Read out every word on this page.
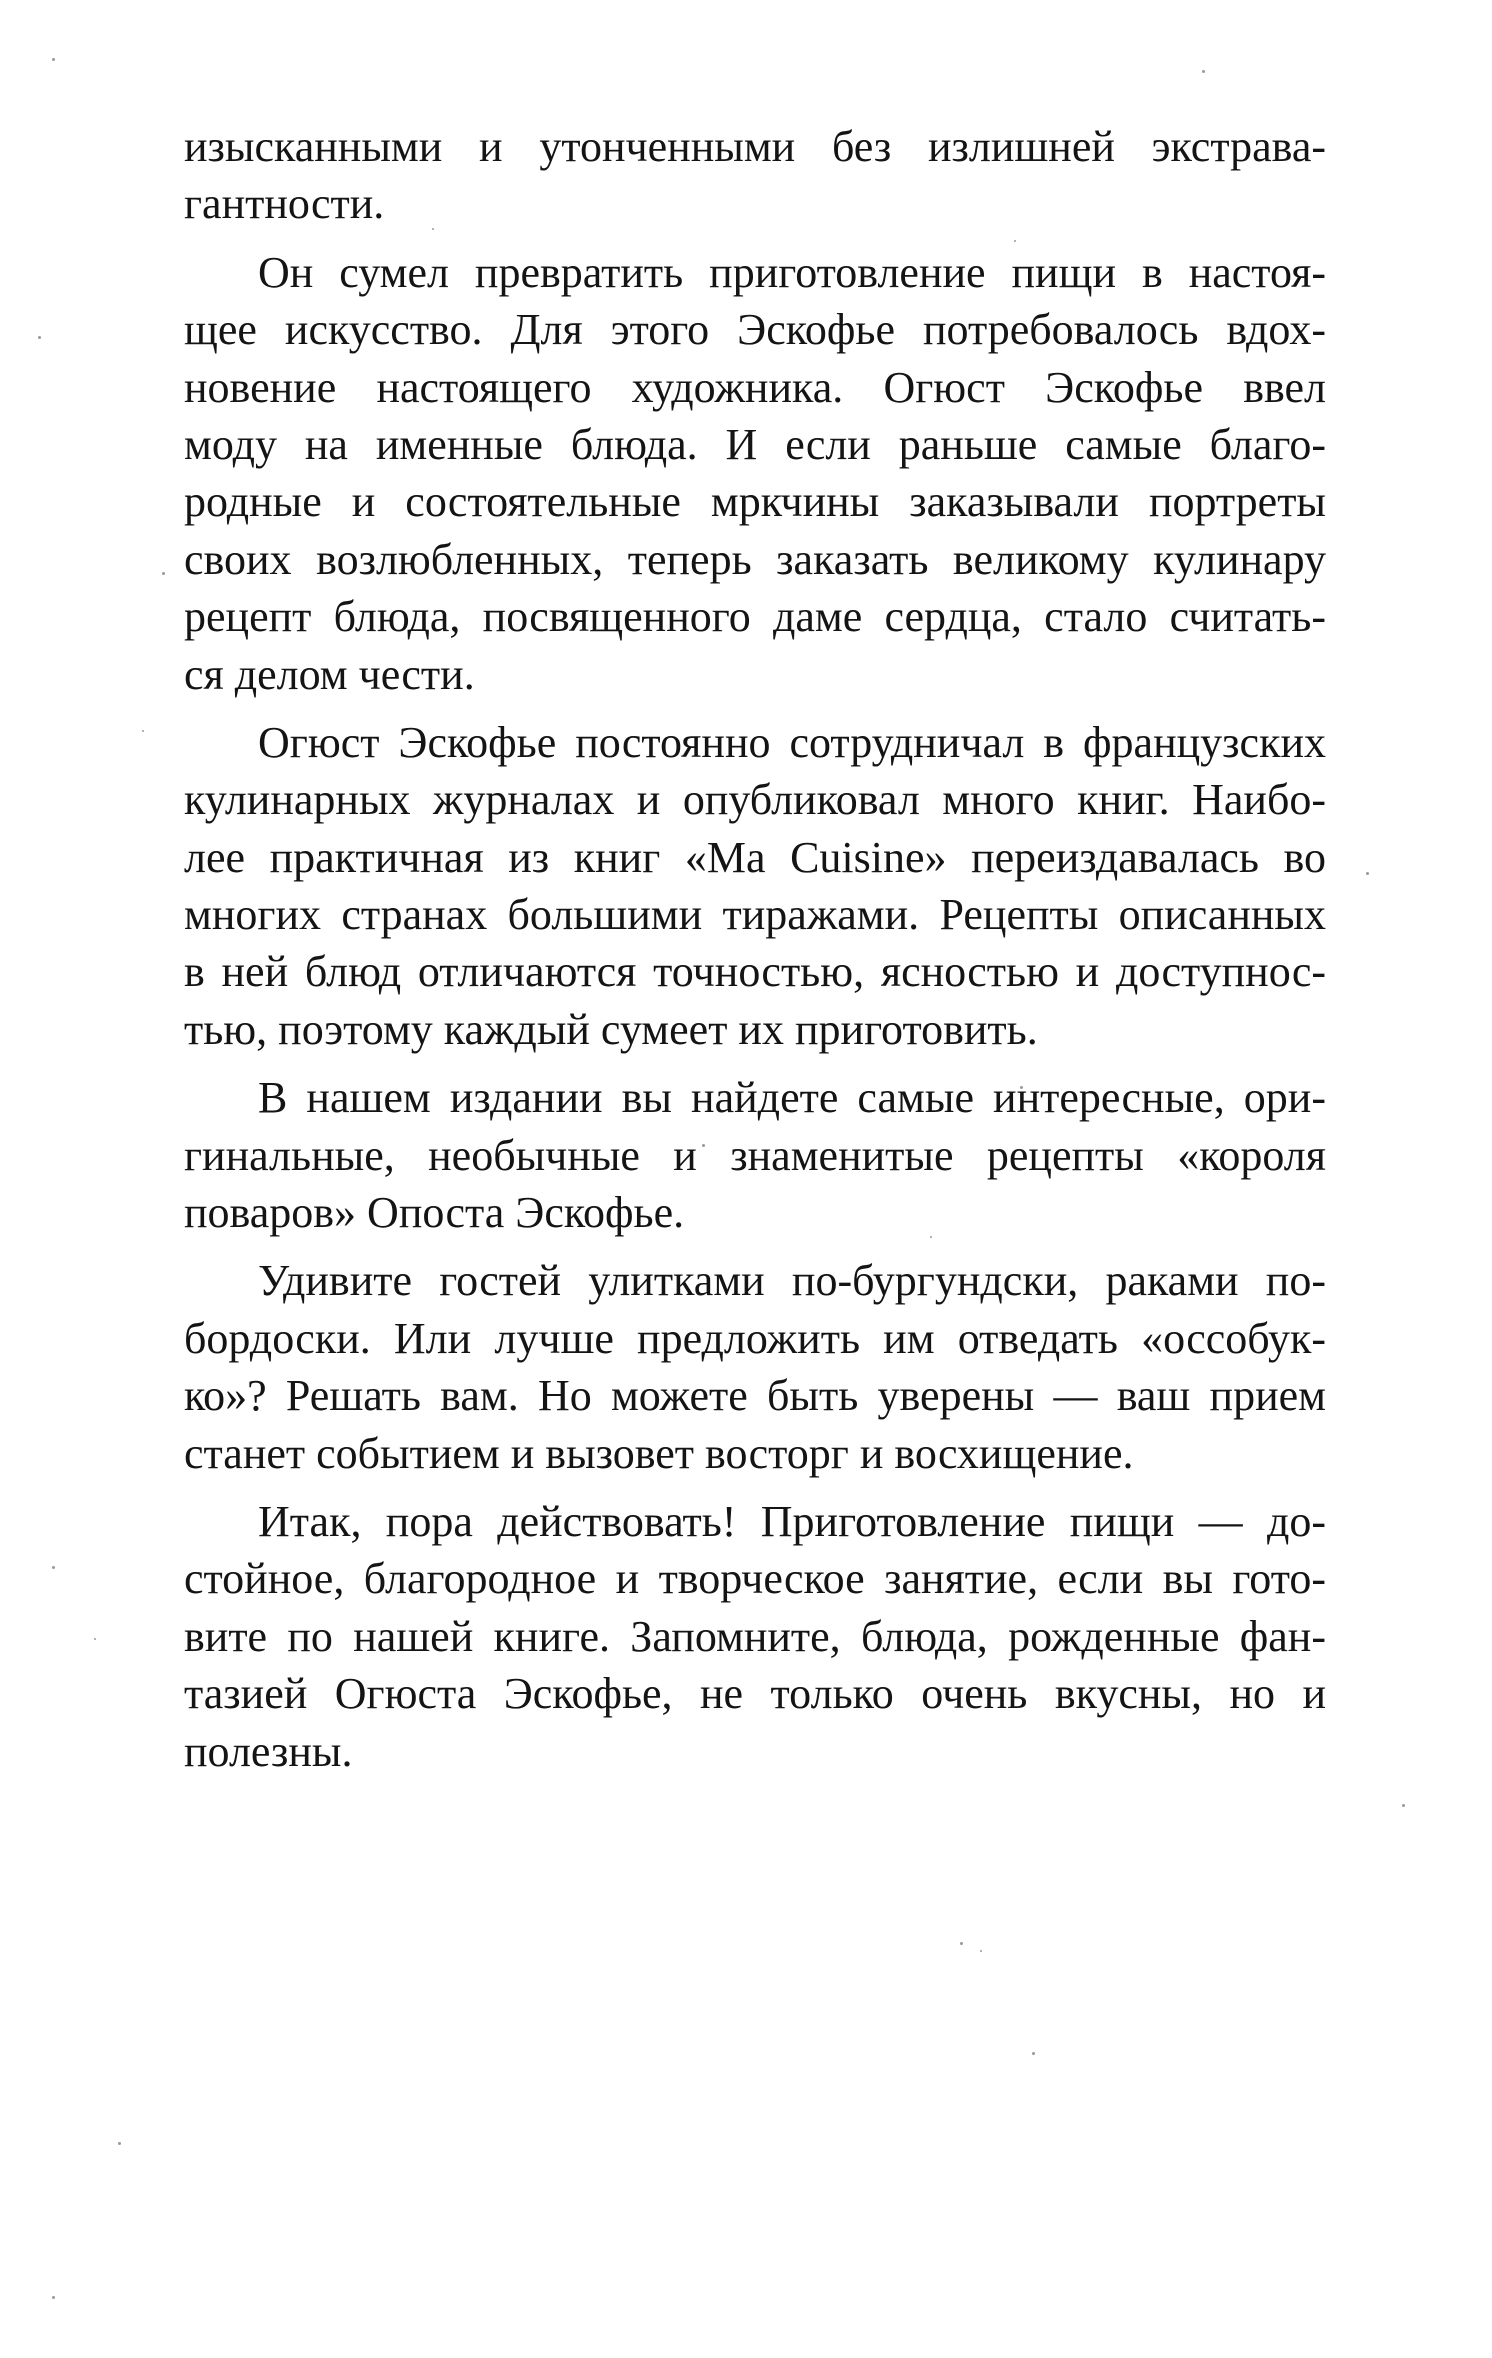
изысканными и утонченными без излишней экстрава-
гантности.
Он сумел превратить приготовление пищи в настоя-
щее искусство. Для этого Эскофье потребовалось вдох-
новение настоящего художника. Огюст Эскофье ввел
моду на именные блюда. И если раньше самые благо-
родные и состоятельные мркчины заказывали портреты
своих возлюбленных, теперь заказать великому кулинару
рецепт блюда, посвященного даме сердца, стало считать-
ся делом чести.
Огюст Эскофье постоянно сотрудничал в французских
кулинарных журналах и опубликовал много книг. Наибо-
лее практичная из книг «Ma Cuisine» переиздавалась во
многих странах большими тиражами. Рецепты описанных
в ней блюд отличаются точностью, ясностью и доступнос-
тью, поэтому каждый сумеет их приготовить.
В нашем издании вы найдете самые интересные, ори-
гинальные, необычные и знаменитые рецепты «короля
поваров» Опоста Эскофье.
Удивите гостей улитками по-бургундски, раками по-
бордоски. Или лучше предложить им отведать «оссобук-
ко»? Решать вам. Но можете быть уверены — ваш прием
станет событием и вызовет восторг и восхищение.
Итак, пора действовать! Приготовление пищи — до-
стойное, благородное и творческое занятие, если вы гото-
вите по нашей книге. Запомните, блюда, рожденные фан-
тазией Огюста Эскофье, не только очень вкусны, но и
полезны.
